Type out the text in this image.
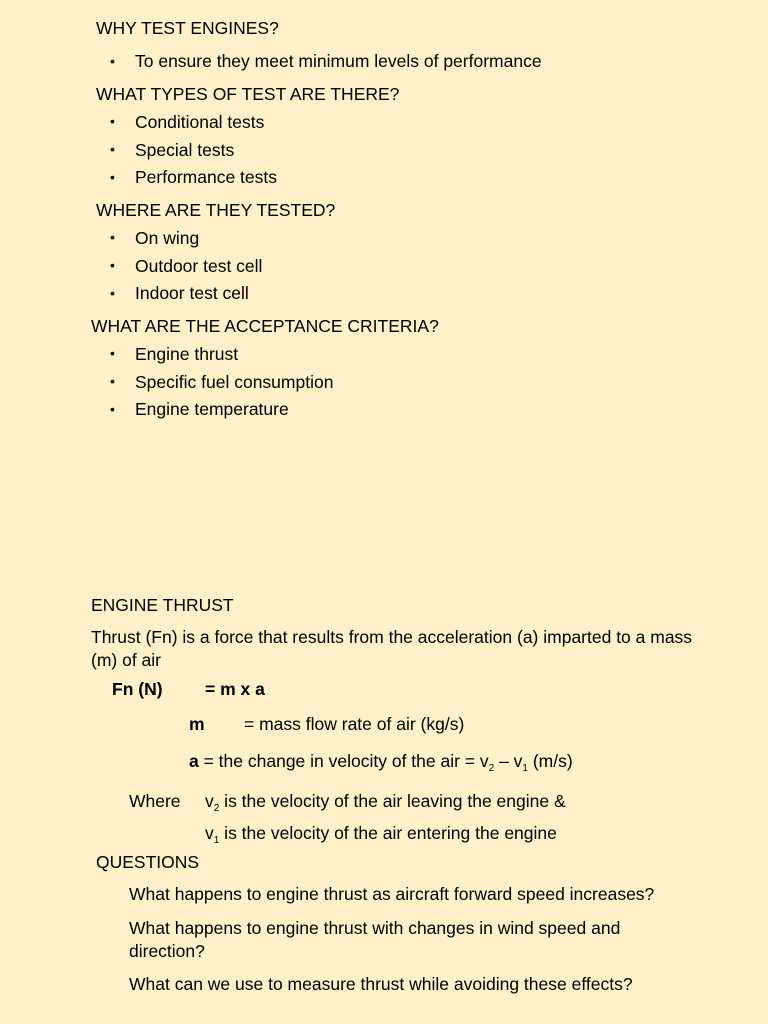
WHY TEST ENGINES?
• To ensure they meet minimum levels of performance
WHAT TYPES OF TEST ARE THERE?
• Conditional tests
• Special tests
• Performance tests
WHERE ARE THEY TESTED?
• On wing
• Outdoor test cell
• Indoor test cell
WHAT ARE THE ACCEPTANCE CRITERIA?
• Engine thrust
• Specific fuel consumption
• Engine temperature
ENGINE THRUST
Thrust (Fn) is a force that results from the acceleration (a) imparted to a mass (m) of air
Fn (N) = m x a
m = mass flow rate of air (kg/s)
a = the change in velocity of the air = $v_2 - v_1$ (m/s)
Where $v_2$ is the velocity of the air leaving the engine &
$v_1$ is the velocity of the air entering the engine
QUESTIONS
What happens to engine thrust as aircraft forward speed increases?
What happens to engine thrust with changes in wind speed and direction?
What can we use to measure thrust while avoiding these effects?
